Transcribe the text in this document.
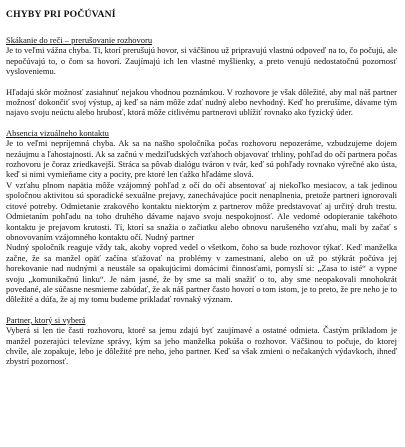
CHYBY PRI POČÚVANÍ
Skákanie do reči – prerušovanie rozhovoru

Je to veľmi vážna chyba. Ti, ktorí prerušujú hovor, si väčšinou už pripravujú vlastnú odpoveď na to, čo počujú, ale nepočúvajú to, o čom sa hovorí. Zaujímajú ich len vlastné myšlienky, a preto venujú nedostatočnú pozornosť vysloveniemu.

Hľadajú skôr možnosť zasiahnuť nejakou vhodnou poznámkou. V rozhovore je však dôležité, aby mal náš partner možnosť dokončiť svoj výstup, aj keď sa nám môže zdať nudný alebo nevhodný. Keď ho prerušíme, dávame tým najavo svoju neúctu alebo hrubosť, ktorá môže citlivému partnerovi ublížiť rovnako ako fyzický úder.

Absencia vizuálneho kontaktu

Je to veľmi nepríjemná chyba. Ak sa na našho spoločníka počas rozhovoru nepozeráme, vzbudzujeme dojem nezáujmu a ľahostajnosti. Ak sa začnú v medziľudských vzťahoch objavovať trhliny, pohľad do očí partnera počas rozhovoru je čoraz zriedkavejší. Strácа sa pôvab dialógu tváron v tvár, keď sú pohľady rovnako výrečné ako ústa, keď si nimi vymieňame city a pocity, pre ktoré len ťažko hľadáme slová.

V vzťahu plnom napätia môže vzájomný pohľad z očí do očí absentovať aj niekoľko mesiacov, a tak jedinou spoločnou aktivitou sú sporadické sexuálne prejavy, zanechávajúce pocit nenaplnenia, pretože partneri ignorovali citové potreby. Odmietanie zrakového kontaktu niektorým z partnerov môže predstavovať aj určitý druh trestu. Odmietaním pohľadu na toho druhého dávame najavo svoju nespokojnosť. Ale vedomé odopieranie takéhoto kontaktu je prejavom krutosti. Tí, ktorí sa snažia o začiatku alebo obnovu narušeného vzťahu, mali by začať s obnovovaním vzájomného kontaktu očí. Nudný partner

Nudný spoločník reaguje vždy tak, akoby vopred vedel o všetkom, čoho sa bude rozhovor týkať. Keď manželka začne, že sa manžel opäť začína sťažovať na problémy v zamestnaní, alebo on už po stýkrát počúva jej horekovanie nad nudnými a neustále sa opakujúcimi domácimi činnosťami, pomyslí si: „Zasa to isté“ a vypne svoju „komunikačnú linku“. Je nám jasné, že by sme sa mali snažiť o to, aby sme neopakovali mnohokrát povedané, ale súčasne nesmieme zabúdať, že ak náš partner často hovorí o tom istom, je to preto, že pre neho je to dôležité a dúfa, že aj my tomu budeme prikladať rovnaký význam.

Partner, ktorý si vyberá

Vyberá si len tie časti rozhovoru, ktoré sa jemu zdajú byť zaujímavé a ostatné odmieta. Častým príkladom je manžel pozerajúci televízne správy, kým sa jeho manželka pokúša o rozhovor. Väčšinou to počuje, do ktorej chvíle, ale zopakuje, lebo je dôležité pre neho, jeho partner. Keď sa však zmieni o nečakaných výdavkoch, ihneď zbystrí pozornosť.
